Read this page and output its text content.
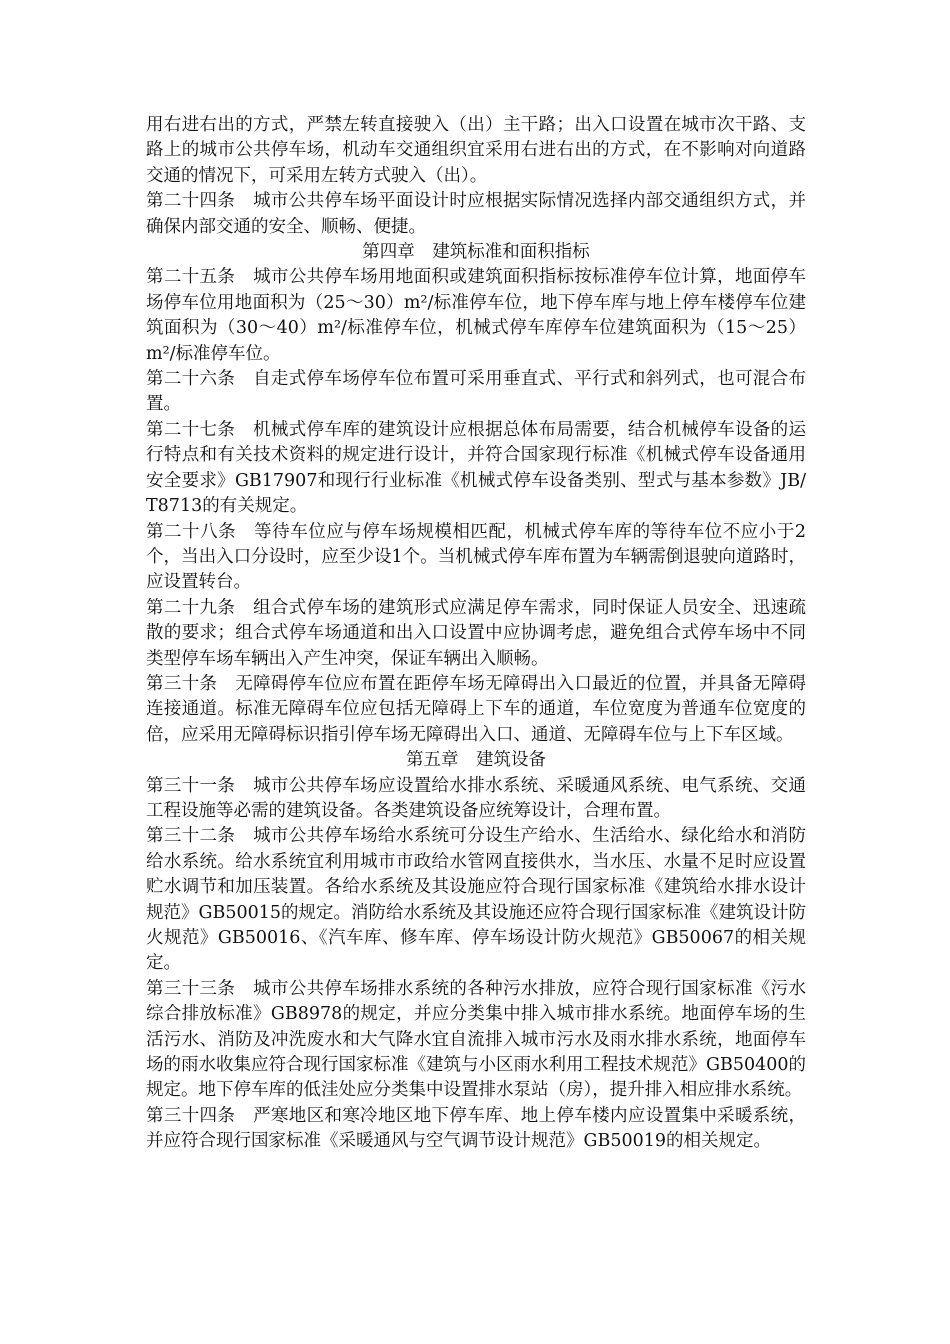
用右进右出的方式，严禁左转直接驶入（出）主干路；出入口设置在城市次干路、支路上的城市公共停车场，机动车交通组织宜采用右进右出的方式，在不影响对向道路交通的情况下，可采用左转方式驶入（出）。

第二十四条　城市公共停车场平面设计时应根据实际情况选择内部交通组织方式，并确保内部交通的安全、顺畅、便捷。

第四章　建筑标准和面积指标

第二十五条　城市公共停车场用地面积或建筑面积指标按标准停车位计算，地面停车场停车位用地面积为（25～30）m²/标准停车位，地下停车库与地上停车楼停车位建筑面积为（30～40）m²/标准停车位，机械式停车库停车位建筑面积为（15～25）m²/标准停车位。

第二十六条　自走式停车场停车位布置可采用垂直式、平行式和斜列式，也可混合布置。

第二十七条　机械式停车库的建筑设计应根据总体布局需要，结合机械停车设备的运行特点和有关技术资料的规定进行设计，并符合国家现行标准《机械式停车设备通用安全要求》GB17907和现行行业标准《机械式停车设备类别、型式与基本参数》JB/T8713的有关规定。

第二十八条　等待车位应与停车场规模相匹配，机械式停车库的等待车位不应小于2个，当出入口分设时，应至少设1个。当机械式停车库布置为车辆需倒退驶向道路时，应设置转台。

第二十九条　组合式停车场的建筑形式应满足停车需求，同时保证人员安全、迅速疏散的要求；组合式停车场通道和出入口设置中应协调考虑，避免组合式停车场中不同类型停车场车辆出入产生冲突，保证车辆出入顺畅。

第三十条　无障碍停车位应布置在距停车场无障碍出入口最近的位置，并具备无障碍连接通道。标准无障碍车位应包括无障碍上下车的通道，车位宽度为普通车位宽度的倍，应采用无障碍标识指引停车场无障碍出入口、通道、无障碍车位与上下车区域。

第五章　建筑设备

第三十一条　城市公共停车场应设置给水排水系统、采暖通风系统、电气系统、交通工程设施等必需的建筑设备。各类建筑设备应统筹设计，合理布置。

第三十二条　城市公共停车场给水系统可分设生产给水、生活给水、绿化给水和消防给水系统。给水系统宜利用城市市政给水管网直接供水，当水压、水量不足时应设置贮水调节和加压装置。各给水系统及其设施应符合现行国家标准《建筑给水排水设计规范》GB50015的规定。消防给水系统及其设施还应符合现行国家标准《建筑设计防火规范》GB50016、《汽车库、修车库、停车场设计防火规范》GB50067的相关规定。

第三十三条　城市公共停车场排水系统的各种污水排放，应符合现行国家标准《污水综合排放标准》GB8978的规定，并应分类集中排入城市排水系统。地面停车场的生活污水、消防及冲洗废水和大气降水宜自流排入城市污水及雨水排水系统，地面停车场的雨水收集应符合现行国家标准《建筑与小区雨水利用工程技术规范》GB50400的规定。地下停车库的低洼处应分类集中设置排水泵站（房），提升排入相应排水系统。

第三十四条　严寒地区和寒冷地区地下停车库、地上停车楼内应设置集中采暖系统，并应符合现行国家标准《采暖通风与空气调节设计规范》GB50019的相关规定。
